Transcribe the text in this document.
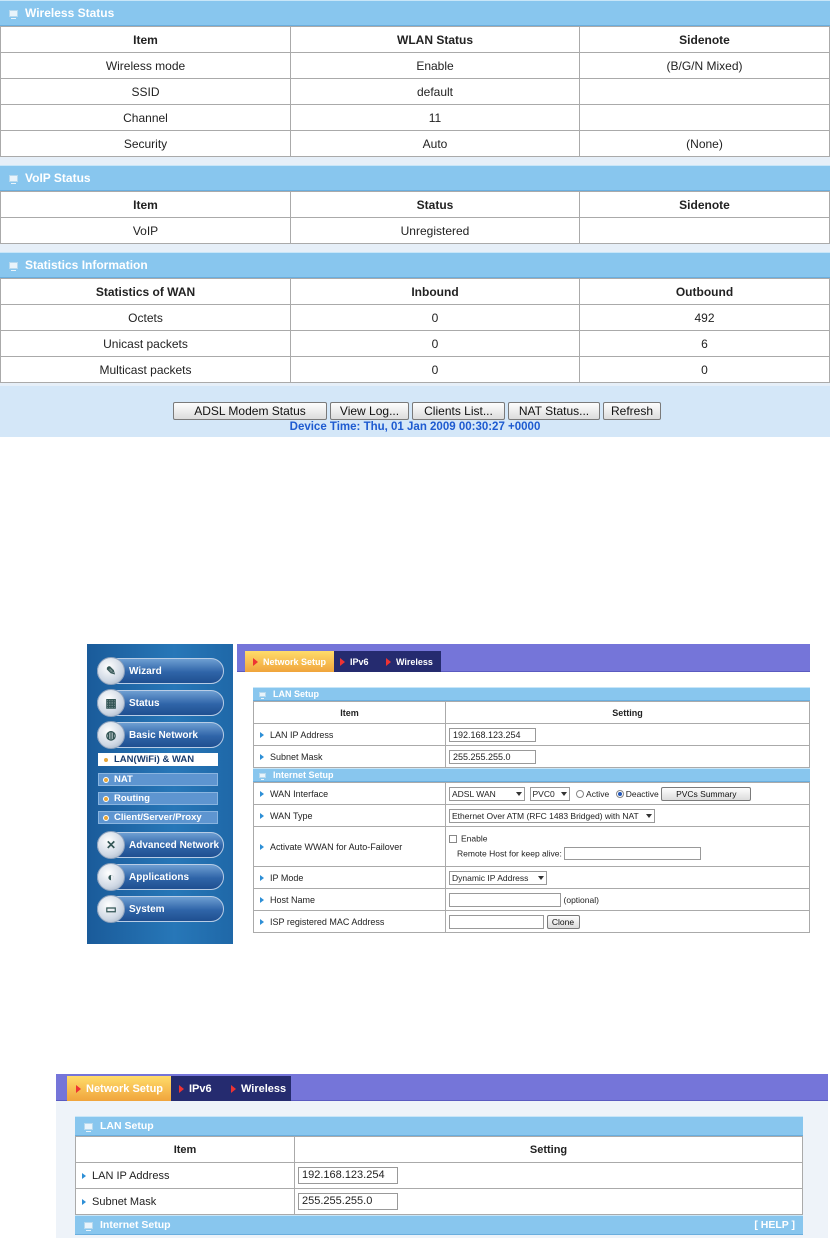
Wireless Status
Item	WLAN Status	Sidenote
Wireless mode	Enable	(B/G/N Mixed)
SSID	default	
Channel	11	
Security	Auto	(None)
VoIP Status
Item	Status	Sidenote
VoIP	Unregistered	
Statistics Information
Statistics of WAN	Inbound	Outbound
Octets	0	492
Unicast packets	0	6
Multicast packets	0	0
ADSL Modem Status	View Log...	Clients List...	NAT Status...	Refresh
Device Time: Thu, 01 Jan 2009 00:30:27 +0000
✎	Wizard
▦	Status
◍	Basic Network
LAN(WiFi) & WAN
NAT
Routing
Client/Server/Proxy
✕	Advanced Network
◐	Applications
▭	System
Network Setup	IPv6	Wireless
LAN Setup
Item	Setting
LAN IP Address	192.168.123.254
Subnet Mask	255.255.255.0
Internet Setup
WAN Interface	ADSL WAN
PVC0 Active Deactive PVCs Summary
WAN Type	Ethernet Over ATM (RFC 1483 Bridged) with NAT

Activate WWAN for Auto-Failover	Enable
Remote Host for keep alive:

IP Mode	Dynamic IP Address

Host Name	(optional)
ISP registered MAC Address	Clone
Network Setup IPv6	Wireless
LAN Setup
Item	Setting
LAN IP Address	192.168.123.254
Subnet Mask	255.255.255.0
Internet Setup	[ HELP ]
